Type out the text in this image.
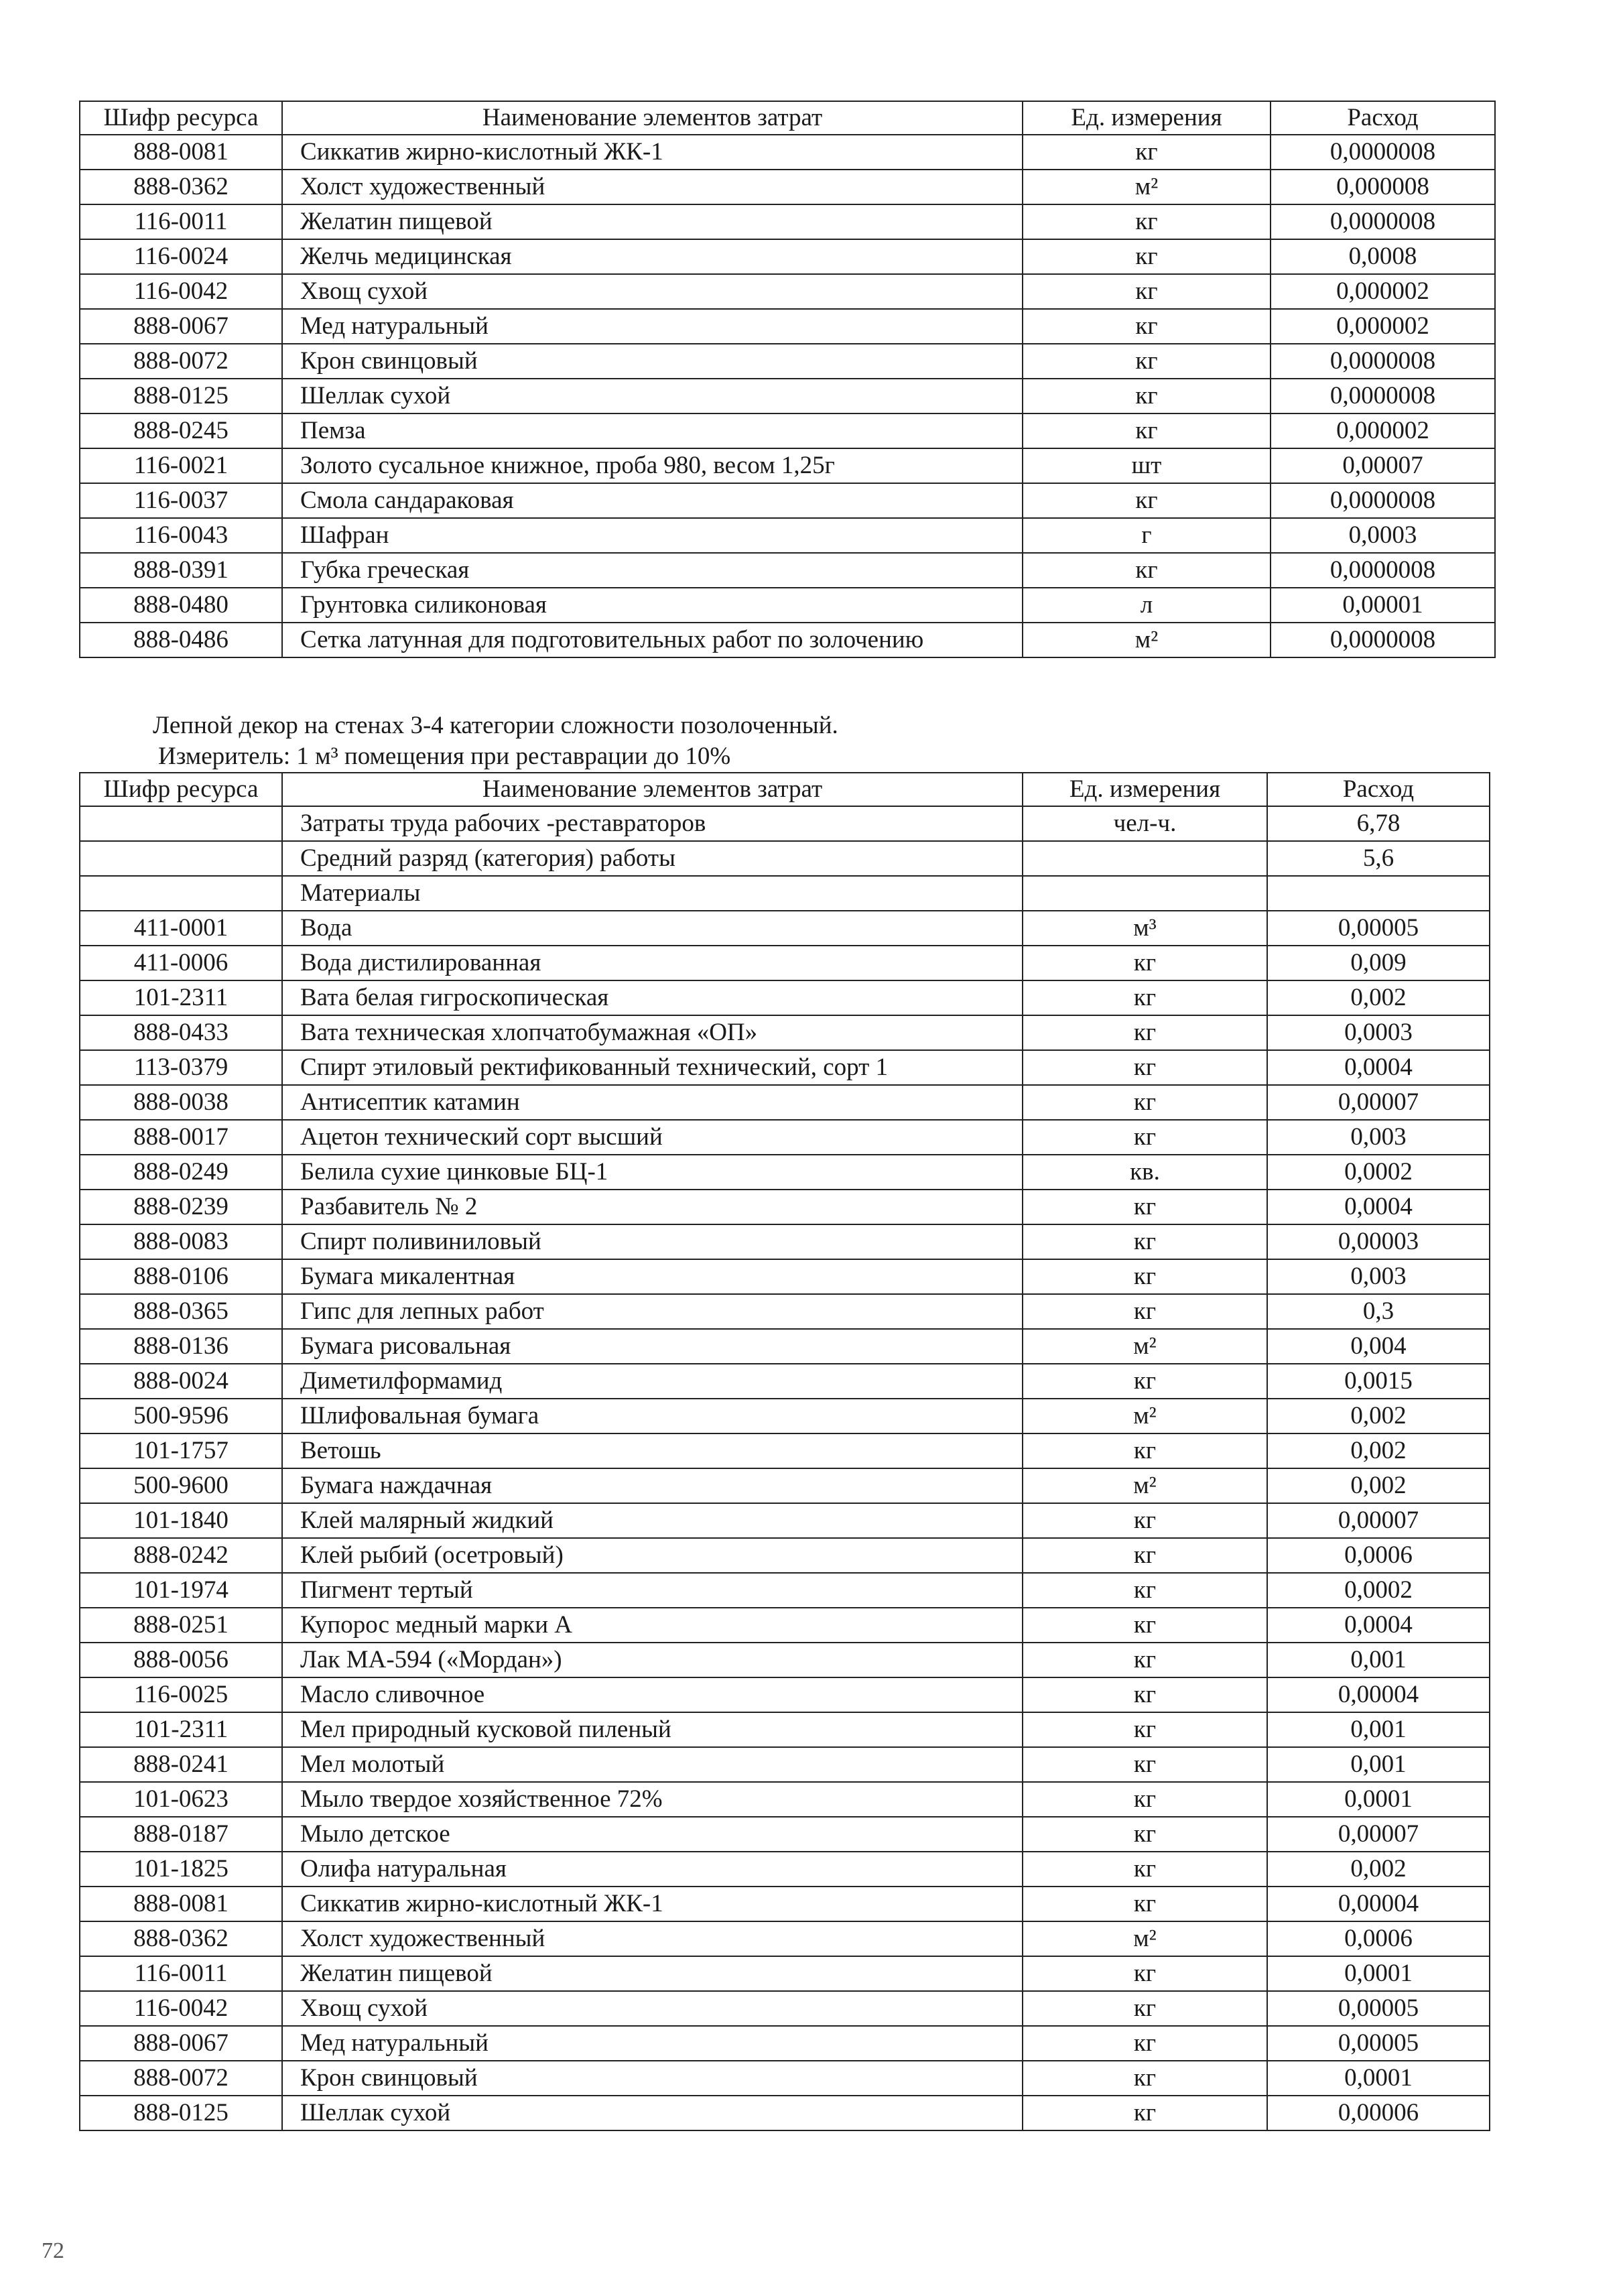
Шифр ресурса	Наименование элементов затрат	Ед. измерения	Расход
888-0081	Сиккатив жирно-кислотный ЖК-1	кг	0,0000008
888-0362	Холст художественный	м²	0,000008
116-0011	Желатин пищевой	кг	0,0000008
116-0024	Желчь медицинская	кг	0,0008
116-0042	Хвощ сухой	кг	0,000002
888-0067	Мед натуральный	кг	0,000002
888-0072	Крон свинцовый	кг	0,0000008
888-0125	Шеллак сухой	кг	0,0000008
888-0245	Пемза	кг	0,000002
116-0021	Золото сусальное книжное, проба 980, весом 1,25г	шт	0,00007
116-0037	Смола сандараковая	кг	0,0000008
116-0043	Шафран	г	0,0003
888-0391	Губка греческая	кг	0,0000008
888-0480	Грунтовка силиконовая	л	0,00001
888-0486	Сетка латунная для подготовительных работ по золочению	м²	0,0000008
Лепной декор на стенах 3-4 категории сложности позолоченный.
Измеритель: 1 м³ помещения при реставрации до 10%
Шифр ресурса	Наименование элементов затрат	Ед. измерения	Расход
	Затраты труда рабочих -реставраторов	чел-ч.	6,78
	Средний разряд (категория) работы		5,6
	Материалы		
411-0001	Вода	м³	0,00005
411-0006	Вода дистилированная	кг	0,009
101-2311	Вата белая гигроскопическая	кг	0,002
888-0433	Вата техническая хлопчатобумажная «ОП»	кг	0,0003
113-0379	Спирт этиловый ректификованный технический, сорт 1	кг	0,0004
888-0038	Антисептик катамин	кг	0,00007
888-0017	Ацетон технический сорт высший	кг	0,003
888-0249	Белила сухие цинковые БЦ-1	кв.	0,0002
888-0239	Разбавитель № 2	кг	0,0004
888-0083	Спирт поливиниловый	кг	0,00003
888-0106	Бумага микалентная	кг	0,003
888-0365	Гипс для лепных работ	кг	0,3
888-0136	Бумага рисовальная	м²	0,004
888-0024	Диметилформамид	кг	0,0015
500-9596	Шлифовальная бумага	м²	0,002
101-1757	Ветошь	кг	0,002
500-9600	Бумага наждачная	м²	0,002
101-1840	Клей малярный жидкий	кг	0,00007
888-0242	Клей рыбий (осетровый)	кг	0,0006
101-1974	Пигмент тертый	кг	0,0002
888-0251	Купорос медный марки А	кг	0,0004
888-0056	Лак МА-594 («Мордан»)	кг	0,001
116-0025	Масло сливочное	кг	0,00004
101-2311	Мел природный кусковой пиленый	кг	0,001
888-0241	Мел молотый	кг	0,001
101-0623	Мыло твердое хозяйственное 72%	кг	0,0001
888-0187	Мыло детское	кг	0,00007
101-1825	Олифа натуральная	кг	0,002
888-0081	Сиккатив жирно-кислотный ЖК-1	кг	0,00004
888-0362	Холст художественный	м²	0,0006
116-0011	Желатин пищевой	кг	0,0001
116-0042	Хвощ сухой	кг	0,00005
888-0067	Мед натуральный	кг	0,00005
888-0072	Крон свинцовый	кг	0,0001
888-0125	Шеллак сухой	кг	0,00006
72
